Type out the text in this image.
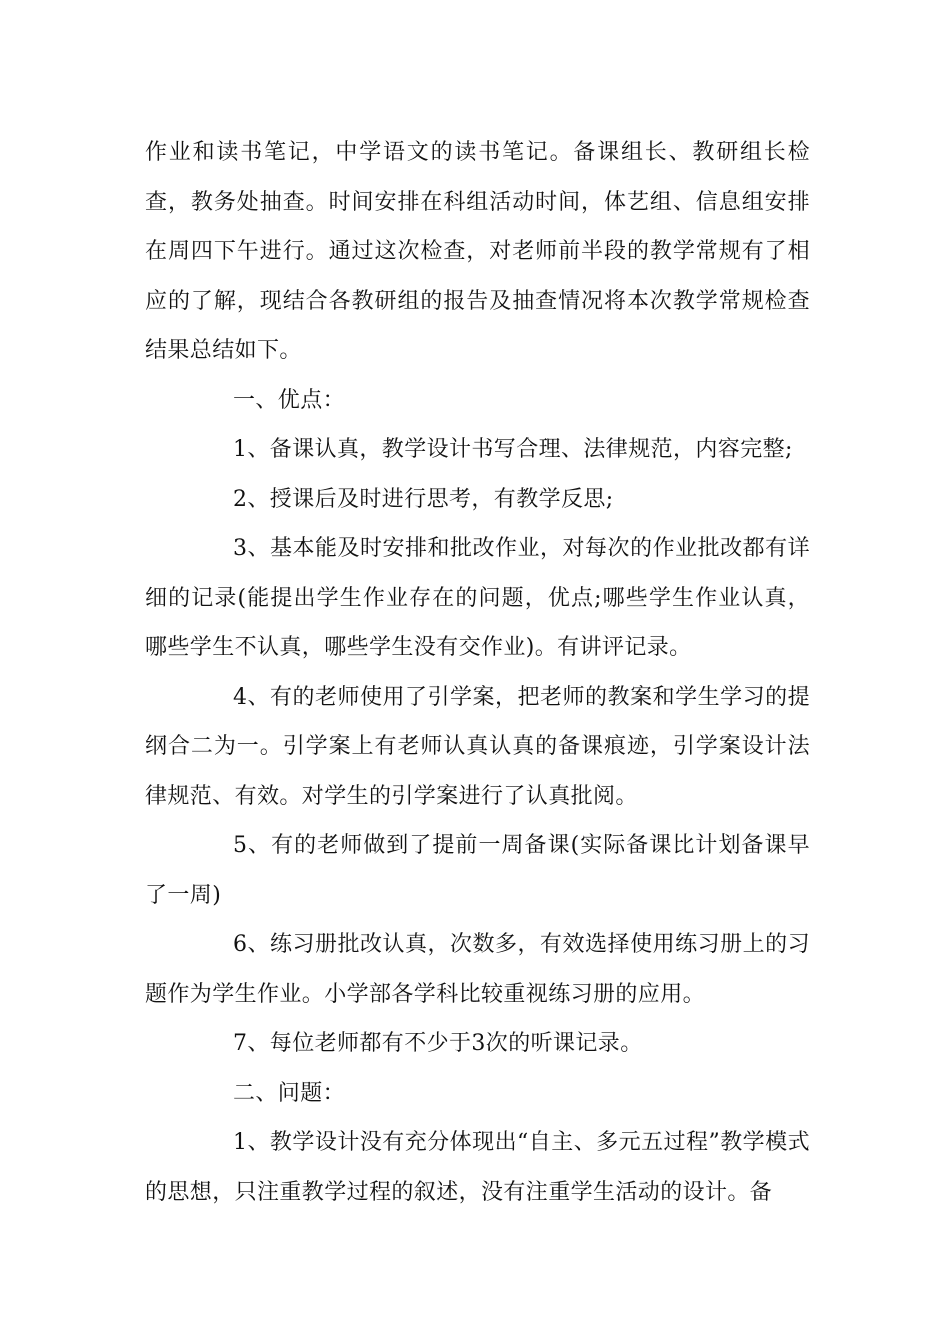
作业和读书笔记，中学语文的读书笔记。备课组长、教研组长检查，教务处抽查。时间安排在科组活动时间，体艺组、信息组安排在周四下午进行。通过这次检查，对老师前半段的教学常规有了相应的了解，现结合各教研组的报告及抽查情况将本次教学常规检查结果总结如下。

一、优点：

1、备课认真，教学设计书写合理、法律规范，内容完整;

2、授课后及时进行思考，有教学反思;

3、基本能及时安排和批改作业，对每次的作业批改都有详细的记录(能提出学生作业存在的问题，优点;哪些学生作业认真，哪些学生不认真，哪些学生没有交作业)。有讲评记录。

4、有的老师使用了引学案，把老师的教案和学生学习的提纲合二为一。引学案上有老师认真认真的备课痕迹，引学案设计法律规范、有效。对学生的引学案进行了认真批阅。

5、有的老师做到了提前一周备课(实际备课比计划备课早了一周)

6、练习册批改认真，次数多，有效选择使用练习册上的习题作为学生作业。小学部各学科比较重视练习册的应用。

7、每位老师都有不少于3次的听课记录。

二、问题：

1、教学设计没有充分体现出“自主、多元五过程”教学模式的思想，只注重教学过程的叙述，没有注重学生活动的设计。备
